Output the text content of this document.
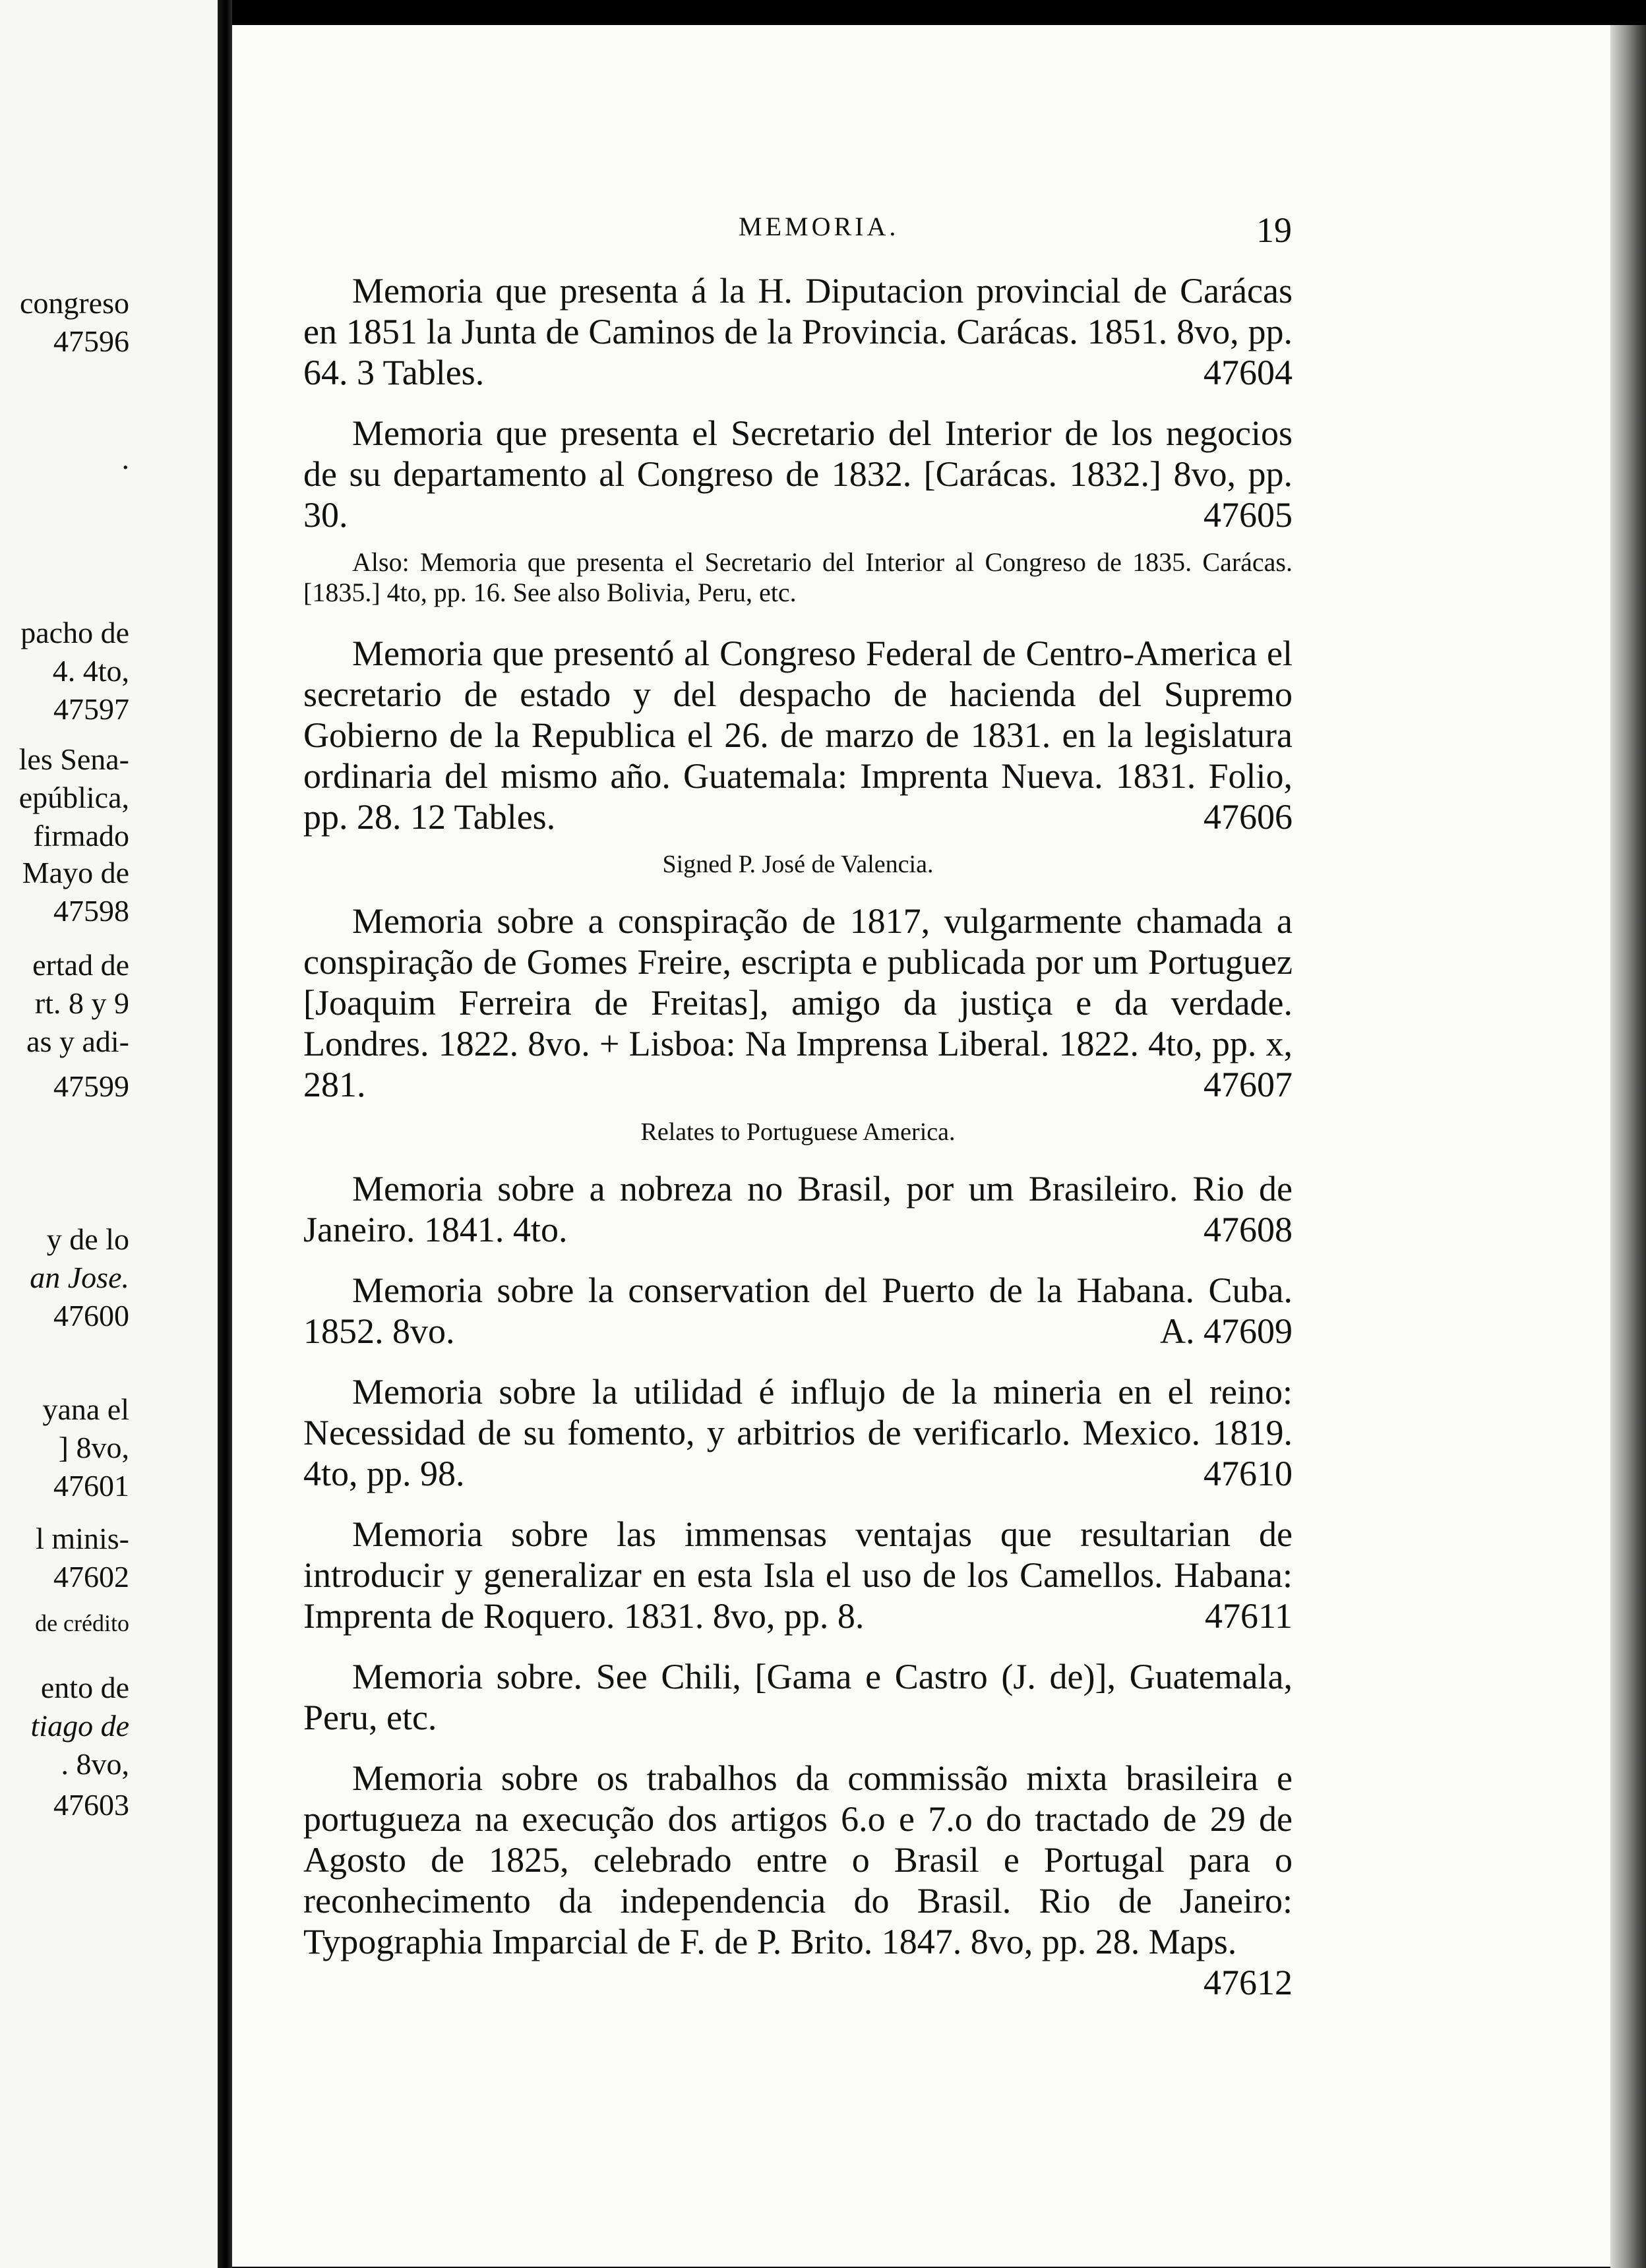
congreso
47596
.
pacho de
4. 4to,
47597
les Sena-
epública,
firmado
Mayo de
47598
ertad de
rt. 8 y 9
as y adi-
47599
y de lo
an Jose.
47600
yana el
] 8vo,
47601
l minis-
47602
de crédito
ento de
tiago de
. 8vo,
47603
MEMORIA.	19

Memoria que presenta á la H. Diputacion provincial de Carácas en 1851 la Junta de Caminos de la Provincia. Carácas. 1851. 8vo, pp. 64. 3 Tables.	47604

Memoria que presenta el Secretario del Interior de los negocios de su departamento al Congreso de 1832. [Carácas. 1832.] 8vo, pp. 30.	47605

Also: Memoria que presenta el Secretario del Interior al Congreso de 1835. Carácas. [1835.] 4to, pp. 16. See also Bolivia, Peru, etc.

Memoria que presentó al Congreso Federal de Centro-America el secretario de estado y del despacho de hacienda del Supremo Gobierno de la Republica el 26. de marzo de 1831. en la legislatura ordinaria del mismo año. Guatemala: Imprenta Nueva. 1831. Folio, pp. 28. 12 Tables.	47606

Signed P. José de Valencia.

Memoria sobre a conspiração de 1817, vulgarmente chamada a conspiração de Gomes Freire, escripta e publicada por um Portuguez [Joaquim Ferreira de Freitas], amigo da justiça e da verdade. Londres. 1822. 8vo. + Lisboa: Na Imprensa Liberal. 1822. 4to, pp. x, 281.	47607

Relates to Portuguese America.

Memoria sobre a nobreza no Brasil, por um Brasileiro. Rio de Janeiro. 1841. 4to.	47608

Memoria sobre la conservation del Puerto de la Habana. Cuba. 1852. 8vo.	A. 47609

Memoria sobre la utilidad é influjo de la mineria en el reino: Necessidad de su fomento, y arbitrios de verificarlo. Mexico. 1819. 4to, pp. 98.	47610

Memoria sobre las immensas ventajas que resultarian de introducir y generalizar en esta Isla el uso de los Camellos. Habana: Imprenta de Roquero. 1831. 8vo, pp. 8.	47611

Memoria sobre. See Chili, [Gama e Castro (J. de)], Guatemala, Peru, etc.

Memoria sobre os trabalhos da commissão mixta brasileira e portugueza na execução dos artigos 6.o e 7.o do tractado de 29 de Agosto de 1825, celebrado entre o Brasil e Portugal para o reconhecimento da independencia do Brasil. Rio de Janeiro: Typographia Imparcial de F. de P. Brito. 1847. 8vo, pp. 28. Maps.
47612
